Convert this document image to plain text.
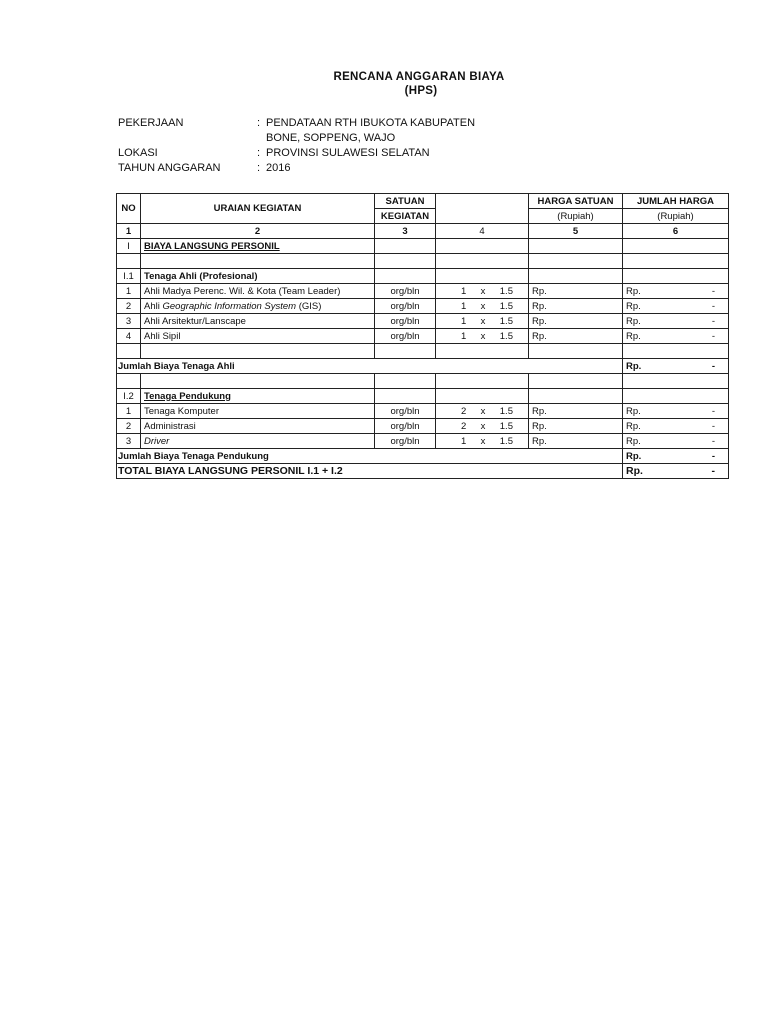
RENCANA ANGGARAN BIAYA
(HPS)
PEKERJAAN	: PENDATAAN RTH IBUKOTA KABUPATEN
BONE, SOPPENG, WAJO
LOKASI	: PROVINSI SULAWESI SELATAN
TAHUN ANGGARAN	: 2016
NO	URAIAN KEGIATAN	SATUAN		HARGA SATUAN	JUMLAH HARGA
		KEGIATAN		(Rupiah)	(Rupiah)
1	2	3	4	5	6
I	BIAYA LANGSUNG PERSONIL				

I.1	Tenaga Ahli (Profesional)				
1	Ahli Madya Perenc. Wil. & Kota (Team Leader)	org/bln	1 x 1.5	Rp.	Rp. -

2	Ahli Geographic Information System (GIS)	org/bln	1 x 1.5	Rp.	Rp. -

3	Ahli Arsitektur/Lanscape	org/bln	1 x 1.5	Rp.	Rp. -

4	Ahli Sipil	org/bln	1 x 1.5	Rp.	Rp. -

Jumlah Biaya Tenaga Ahli					Rp. -

I.2	Tenaga Pendukung				
1	Tenaga Komputer	org/bln	2 x 1.5	Rp.	Rp. -

2	Administrasi	org/bln	2 x 1.5	Rp.	Rp. -

3	Driver	org/bln	1 x 1.5	Rp.	Rp. -

Jumlah Biaya Tenaga Pendukung					Rp. -

TOTAL BIAYA LANGSUNG PERSONIL I.1 + I.2					Rp. -
